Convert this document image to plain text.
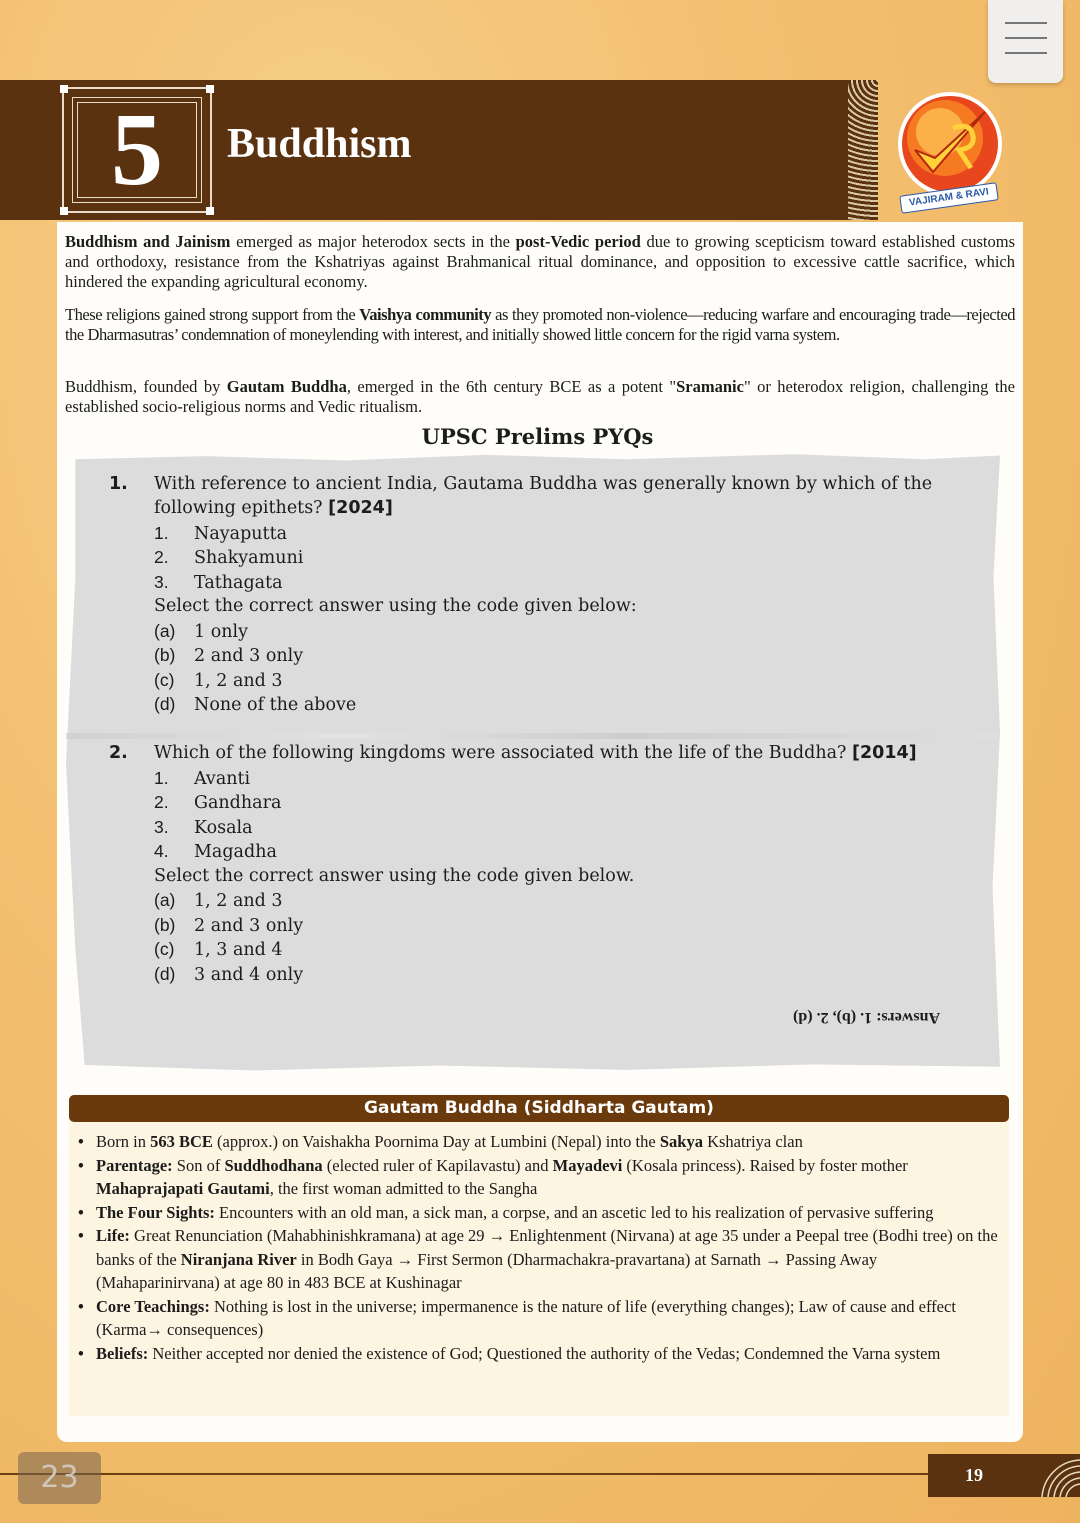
5	Buddhism
VAJIRAM & RAVI

Buddhism and Jainism emerged as major heterodox sects in the post-Vedic period due to growing scepticism toward established customs and orthodoxy, resistance from the Kshatriyas against Brahmanical ritual dominance, and opposition to excessive cattle sacrifice, which hindered the expanding agricultural economy.

These religions gained strong support from the Vaishya community as they promoted non-violence—reducing warfare and encouraging trade—rejected the Dharmasutras’ condemnation of moneylending with interest, and initially showed little concern for the rigid varna system.

Buddhism, founded by Gautam Buddha, emerged in the 6th century BCE as a potent "Sramanic" or heterodox religion, challenging the established socio-religious norms and Vedic ritualism.

UPSC Prelims PYQs
1. With reference to ancient India, Gautama Buddha was generally known by which of the
following epithets? [2024]
1. Nayaputta
2. Shakyamuni
3. Tathagata
Select the correct answer using the code given below:
(a) 1 only
(b) 2 and 3 only
(c) 1, 2 and 3
(d) None of the above
2. Which of the following kingdoms were associated with the life of the Buddha? [2014]
1. Avanti
2. Gandhara
3. Kosala
4. Magadha
Select the correct answer using the code given below.
(a) 1, 2 and 3
(b) 2 and 3 only
(c) 1, 3 and 4
(d) 3 and 4 only
Answers: 1. (b), 2. (d)
Gautam Buddha (Siddharta Gautam)
• Born in 563 BCE (approx.) on Vaishakha Poornima Day at Lumbini (Nepal) into the Sakya Kshatriya clan
• Parentage: Son of Suddhodhana (elected ruler of Kapilavastu) and Mayadevi (Kosala princess). Raised by foster mother Mahaprajapati Gautami, the first woman admitted to the Sangha
• The Four Sights: Encounters with an old man, a sick man, a corpse, and an ascetic led to his realization of pervasive suffering
• Life: Great Renunciation (Mahabhinishkramana) at age 29 → Enlightenment (Nirvana) at age 35 under a Peepal tree (Bodhi tree) on the banks of the Niranjana River in Bodh Gaya → First Sermon (Dharmachakra-pravartana) at Sarnath → Passing Away (Mahaparinirvana) at age 80 in 483 BCE at Kushinagar
• Core Teachings: Nothing is lost in the universe; impermanence is the nature of life (everything changes); Law of cause and effect (Karma→ consequences)
• Beliefs: Neither accepted nor denied the existence of God; Questioned the authority of the Vedas; Condemned the Varna system
19
23
